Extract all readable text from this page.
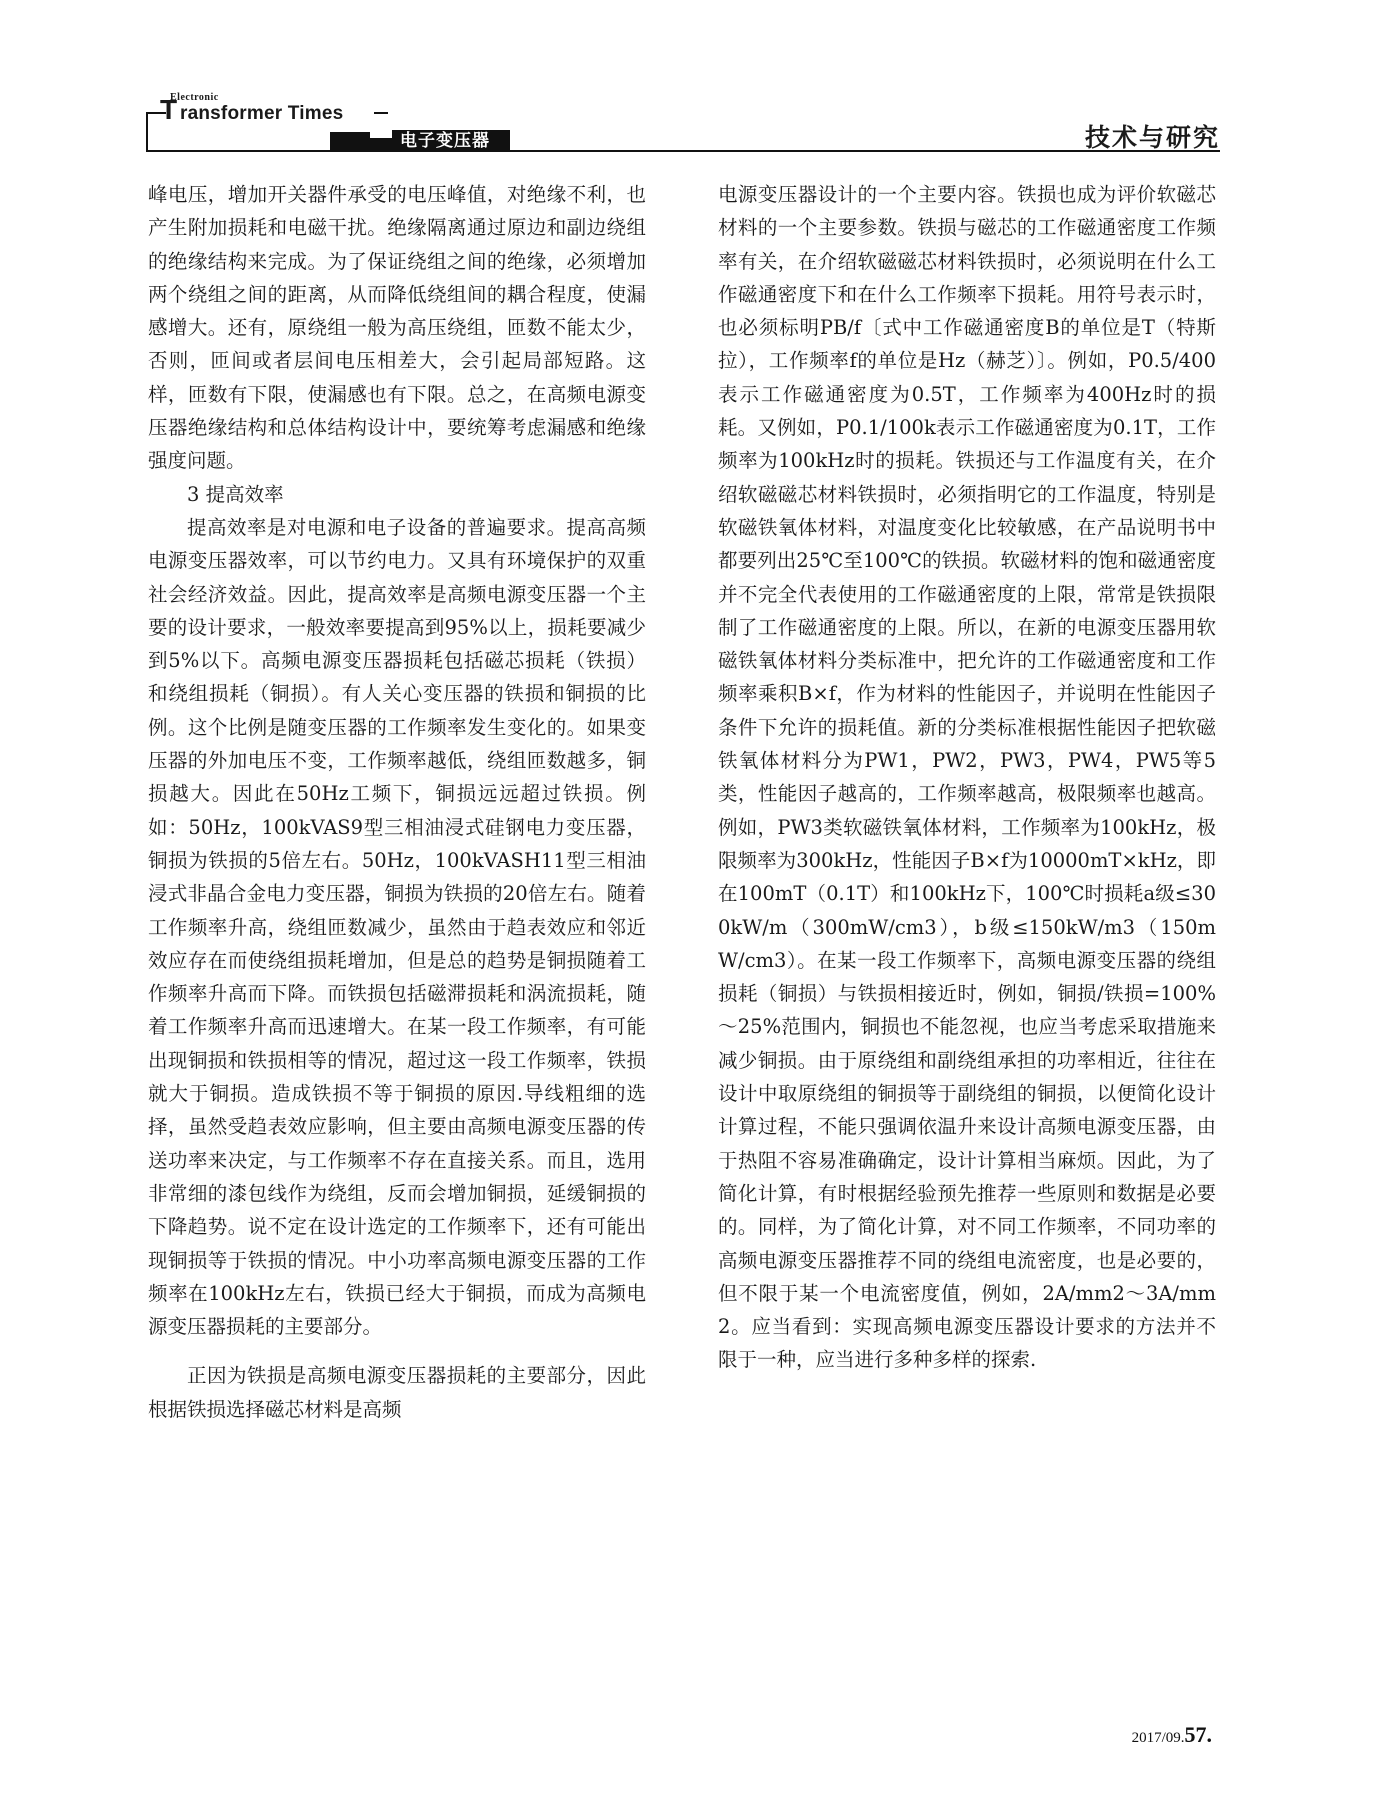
Electronic
T ransformer Times
电子变压器	技术与研究

峰电压，增加开关器件承受的电压峰值，对绝缘不利，也产生附加损耗和电磁干扰。绝缘隔离通过原边和副边绕组的绝缘结构来完成。为了保证绕组之间的绝缘，必须增加两个绕组之间的距离，从而降低绕组间的耦合程度，使漏感增大。还有，原绕组一般为高压绕组，匝数不能太少，否则，匝间或者层间电压相差大，会引起局部短路。这样，匝数有下限，使漏感也有下限。总之，在高频电源变压器绝缘结构和总体结构设计中，要统筹考虑漏感和绝缘强度问题。

3 提高效率

提高效率是对电源和电子设备的普遍要求。提高高频电源变压器效率，可以节约电力。又具有环境保护的双重社会经济效益。因此，提高效率是高频电源变压器一个主要的设计要求，一般效率要提高到95%以上，损耗要减少到5%以下。高频电源变压器损耗包括磁芯损耗（铁损）和绕组损耗（铜损）。有人关心变压器的铁损和铜损的比例。这个比例是随变压器的工作频率发生变化的。如果变压器的外加电压不变，工作频率越低，绕组匝数越多，铜损越大。因此在50Hz工频下，铜损远远超过铁损。例如：50Hz，100kVAS9型三相油浸式硅钢电力变压器，铜损为铁损的5倍左右。50Hz，100kVASH11型三相油浸式非晶合金电力变压器，铜损为铁损的20倍左右。随着工作频率升高，绕组匝数减少，虽然由于趋表效应和邻近效应存在而使绕组损耗增加，但是总的趋势是铜损随着工作频率升高而下降。而铁损包括磁滞损耗和涡流损耗，随着工作频率升高而迅速增大。在某一段工作频率，有可能出现铜损和铁损相等的情况，超过这一段工作频率，铁损就大于铜损。造成铁损不等于铜损的原因.导线粗细的选择，虽然受趋表效应影响，但主要由高频电源变压器的传送功率来决定，与工作频率不存在直接关系。而且，选用非常细的漆包线作为绕组，反而会增加铜损，延缓铜损的下降趋势。说不定在设计选定的工作频率下，还有可能出现铜损等于铁损的情况。中小功率高频电源变压器的工作频率在100kHz左右，铁损已经大于铜损，而成为高频电源变压器损耗的主要部分。

正因为铁损是高频电源变压器损耗的主要部分，因此根据铁损选择磁芯材料是高频

电源变压器设计的一个主要内容。铁损也成为评价软磁芯材料的一个主要参数。铁损与磁芯的工作磁通密度工作频率有关，在介绍软磁磁芯材料铁损时，必须说明在什么工作磁通密度下和在什么工作频率下损耗。用符号表示时，也必须标明PB/f〔式中工作磁通密度B的单位是T（特斯拉），工作频率f的单位是Hz（赫芝）〕。例如，P0.5/400表示工作磁通密度为0.5T，工作频率为400Hz时的损耗。又例如，P0.1/100k表示工作磁通密度为0.1T，工作频率为100kHz时的损耗。铁损还与工作温度有关，在介绍软磁磁芯材料铁损时，必须指明它的工作温度，特别是软磁铁氧体材料，对温度变化比较敏感，在产品说明书中都要列出25℃至100℃的铁损。软磁材料的饱和磁通密度并不完全代表使用的工作磁通密度的上限，常常是铁损限制了工作磁通密度的上限。所以，在新的电源变压器用软磁铁氧体材料分类标准中，把允许的工作磁通密度和工作频率乘积B×f，作为材料的性能因子，并说明在性能因子条件下允许的损耗值。新的分类标准根据性能因子把软磁铁氧体材料分为PW1，PW2，PW3，PW4，PW5等5类，性能因子越高的，工作频率越高，极限频率也越高。例如，PW3类软磁铁氧体材料，工作频率为100kHz，极限频率为300kHz，性能因子B×f为10000mT×kHz，即在100mT（0.1T）和100kHz下，100℃时损耗a级≤300kW/m（300mW/cm3），b级≤150kW/m3（150mW/cm3）。在某一段工作频率下，高频电源变压器的绕组损耗（铜损）与铁损相接近时，例如，铜损/铁损=100%～25%范围内，铜损也不能忽视，也应当考虑采取措施来减少铜损。由于原绕组和副绕组承担的功率相近，往往在设计中取原绕组的铜损等于副绕组的铜损，以便简化设计计算过程，不能只强调依温升来设计高频电源变压器，由于热阻不容易准确确定，设计计算相当麻烦。因此，为了简化计算，有时根据经验预先推荐一些原则和数据是必要的。同样，为了简化计算，对不同工作频率，不同功率的高频电源变压器推荐不同的绕组电流密度，也是必要的，但不限于某一个电流密度值，例如，2A/mm2～3A/mm2。应当看到：实现高频电源变压器设计要求的方法并不限于一种，应当进行多种多样的探索.

2017/09.57.
